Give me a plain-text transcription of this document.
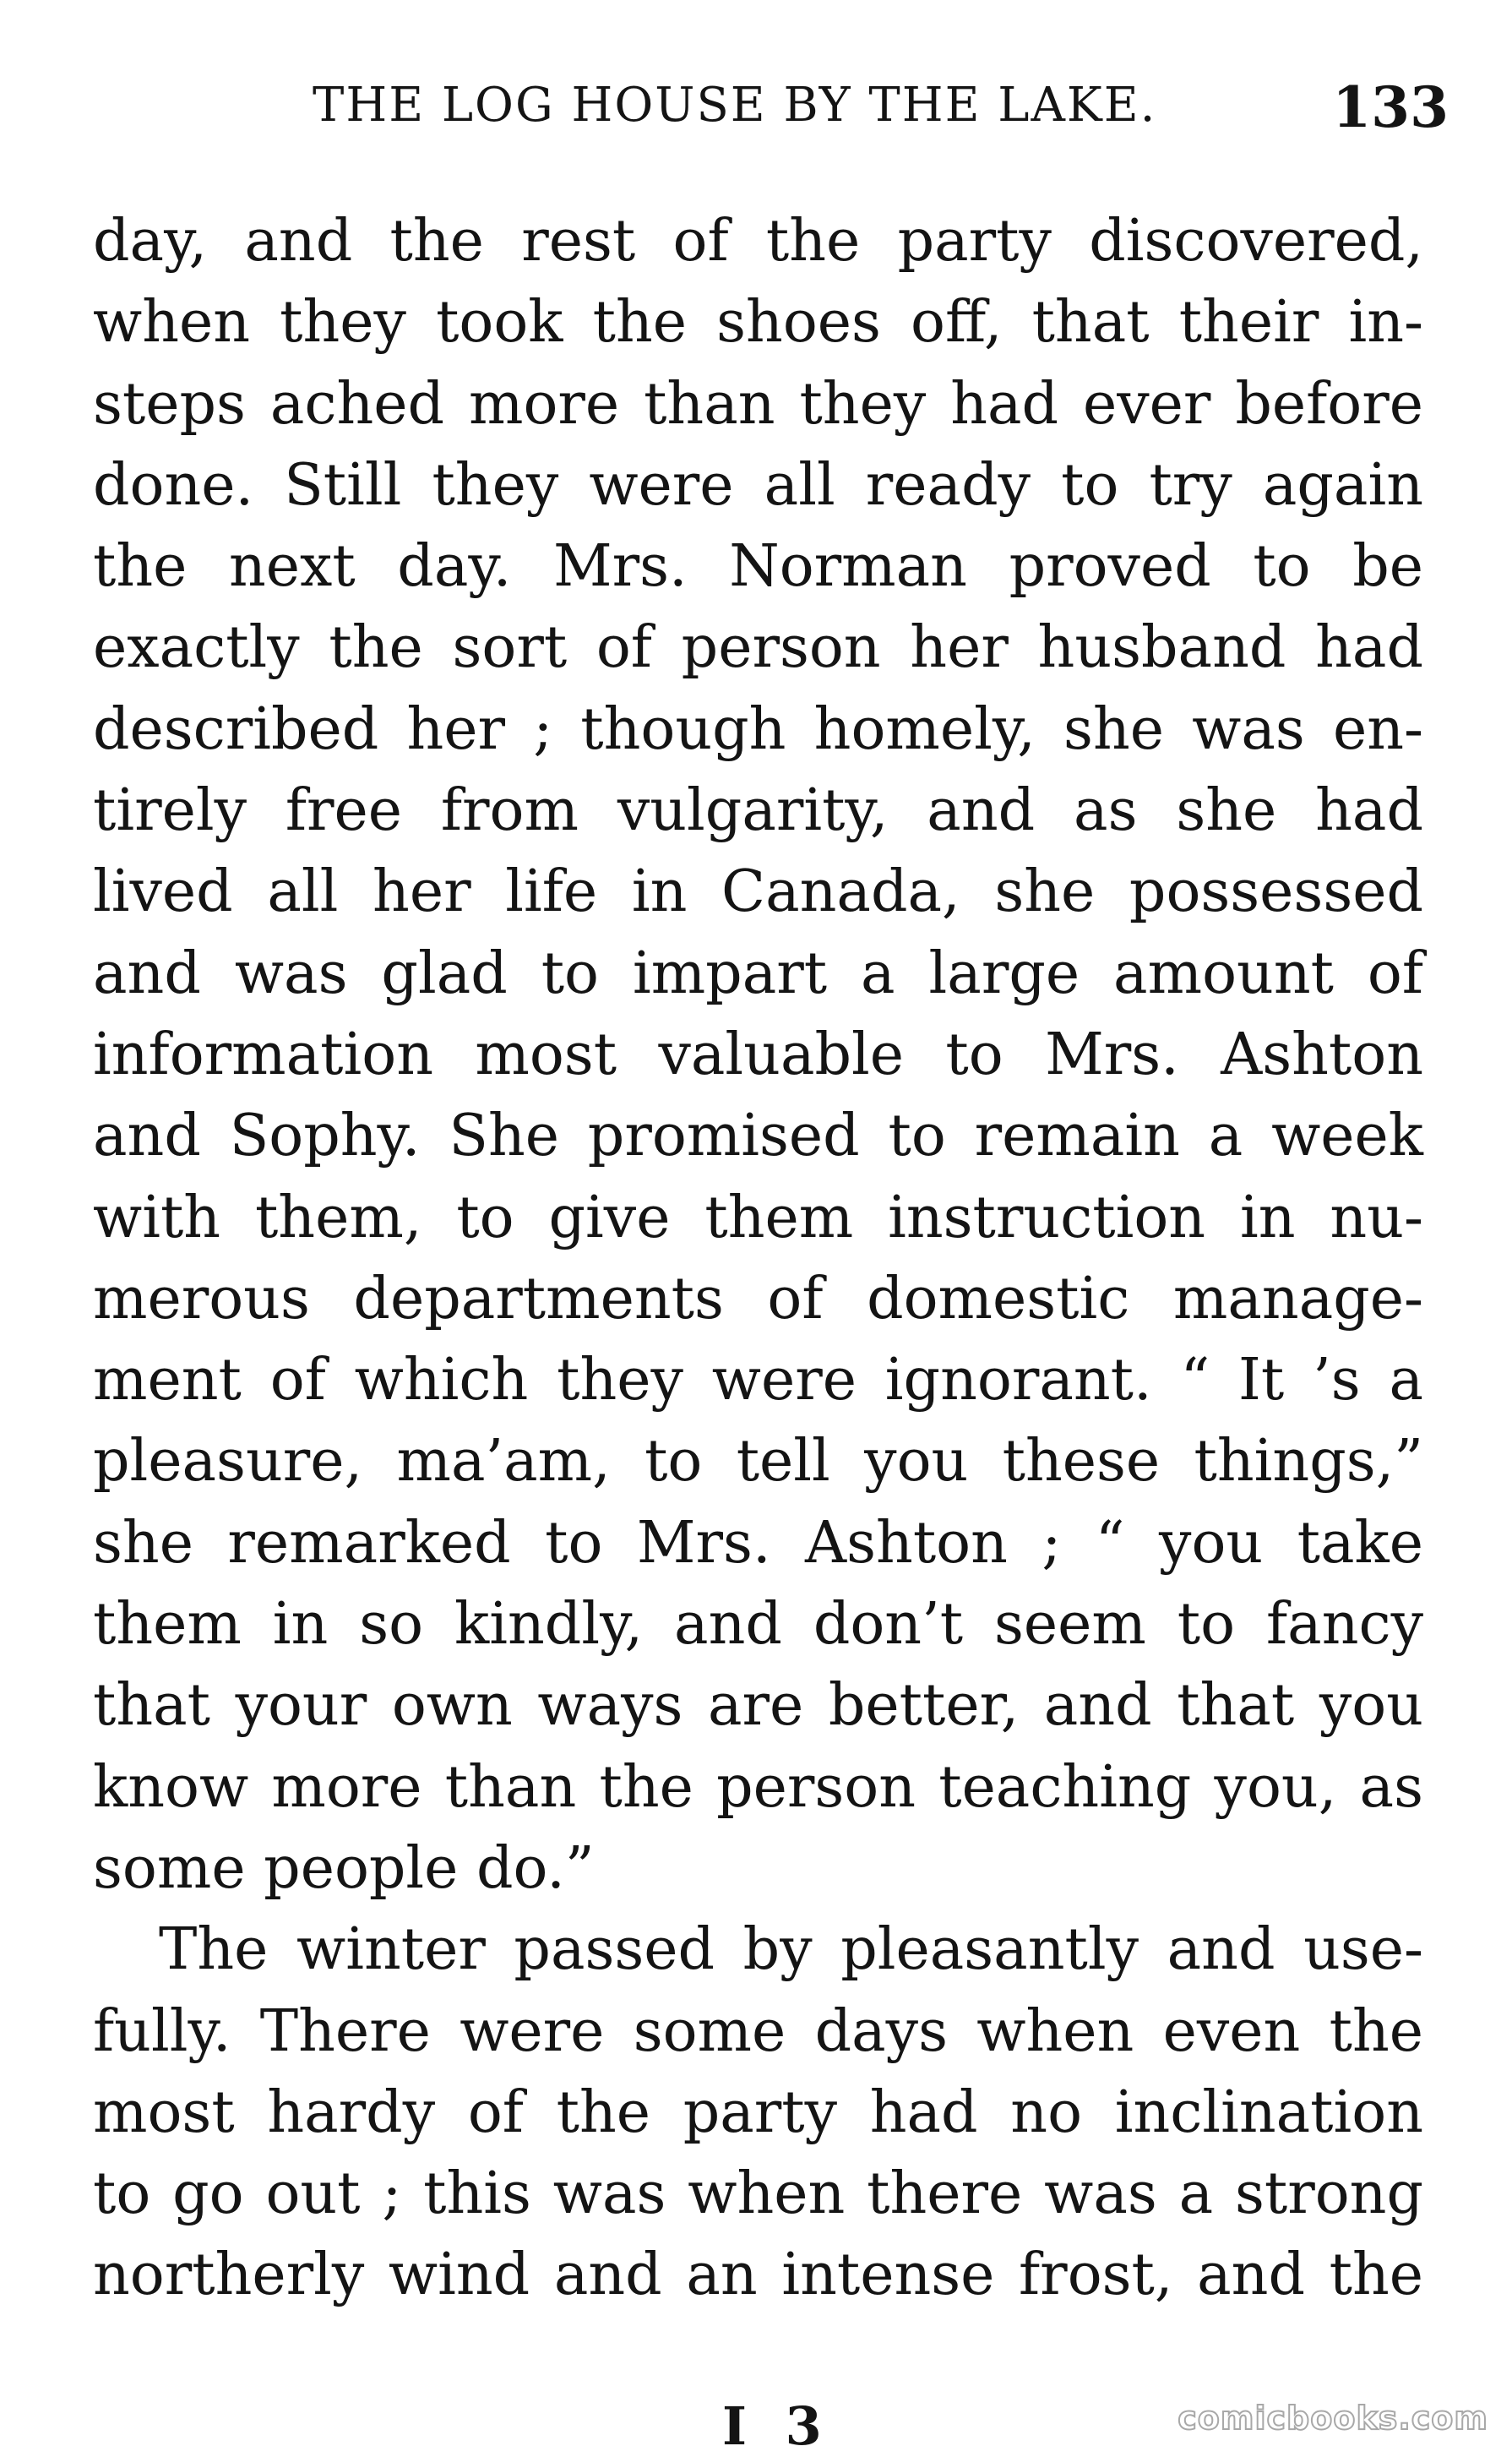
THE LOG HOUSE BY THE LAKE.	133
day, and the rest of the party discovered,
when they took the shoes off, that their in-
steps ached more than they had ever before
done. Still they were all ready to try again
the next day. Mrs. Norman proved to be
exactly the sort of person her husband had
described her ; though homely, she was en-
tirely free from vulgarity, and as she had
lived all her life in Canada, she possessed
and was glad to impart a large amount of
information most valuable to Mrs. Ashton
and Sophy. She promised to remain a week
with them, to give them instruction in nu-
merous departments of domestic manage-
ment of which they were ignorant. “ It ’s a
pleasure, ma’am, to tell you these things,”
she remarked to Mrs. Ashton ; “ you take
them in so kindly, and don’t seem to fancy
that your own ways are better, and that you
know more than the person teaching you, as
some people do.”
The winter passed by pleasantly and use-
fully. There were some days when even the
most hardy of the party had no inclination
to go out ; this was when there was a strong
northerly wind and an intense frost, and the
I 3	comicbooks.com
